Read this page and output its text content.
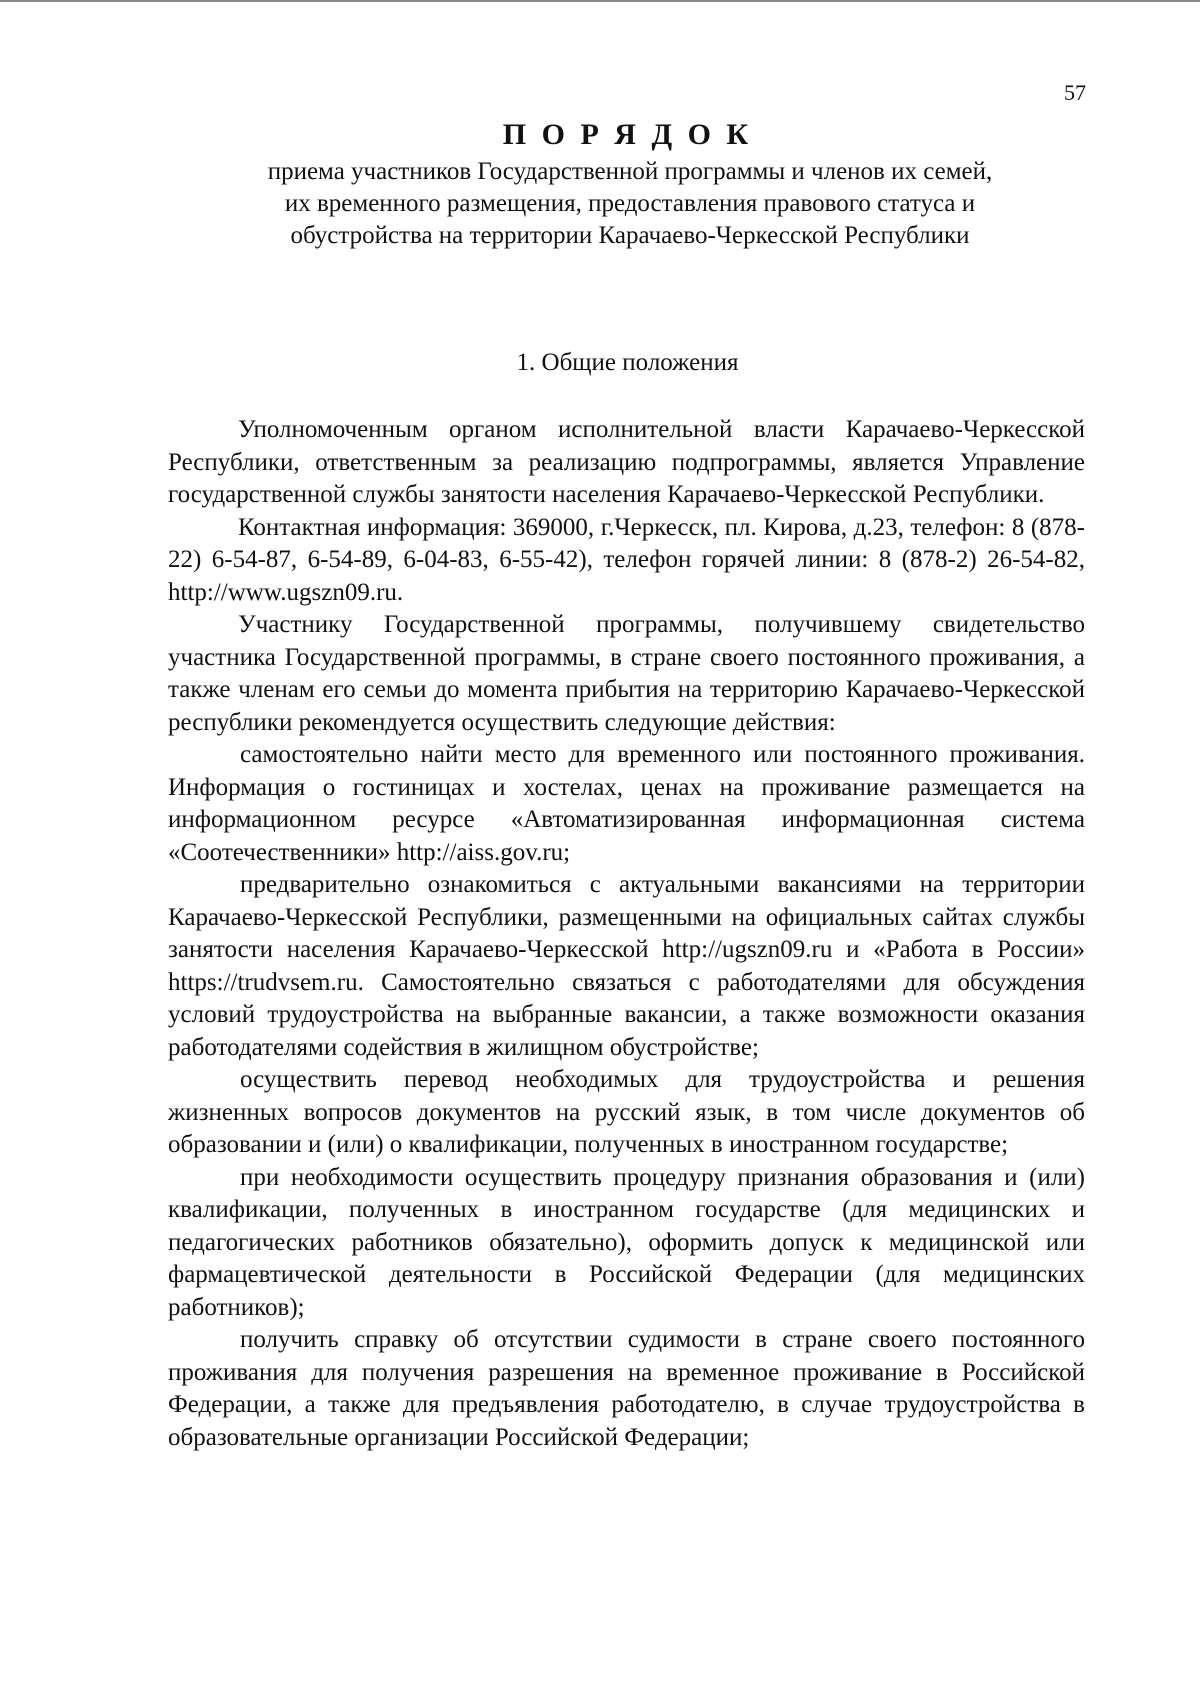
57
П О Р Я Д О К
приема участников Государственной программы и членов их семей, их временного размещения, предоставления правового статуса и обустройства на территории Карачаево-Черкесской Республики
1. Общие положения

Уполномоченным органом исполнительной власти Карачаево-Черкесской Республики, ответственным за реализацию подпрограммы, является Управление государственной службы занятости населения Карачаево-Черкесской Республики.

Контактная информация: 369000, г.Черкесск, пл. Кирова, д.23, телефон: 8 (878-22) 6-54-87, 6-54-89, 6-04-83, 6-55-42), телефон горячей линии: 8 (878-2) 26-54-82, http://www.ugszn09.ru.

Участнику Государственной программы, получившему свидетельство участника Государственной программы, в стране своего постоянного проживания, а также членам его семьи до момента прибытия на территорию Карачаево-Черкесской республики рекомендуется осуществить следующие действия:

самостоятельно найти место для временного или постоянного проживания. Информация о гостиницах и хостелах, ценах на проживание размещается на информационном ресурсе «Автоматизированная информационная система «Соотечественники» http://aiss.gov.ru;

предварительно ознакомиться с актуальными вакансиями на территории Карачаево-Черкесской Республики, размещенными на официальных сайтах службы занятости населения Карачаево-Черкесской http://ugszn09.ru и «Работа в России» https://trudvsem.ru. Самостоятельно связаться с работодателями для обсуждения условий трудоустройства на выбранные вакансии, а также возможности оказания работодателями содействия в жилищном обустройстве;

осуществить перевод необходимых для трудоустройства и решения жизненных вопросов документов на русский язык, в том числе документов об образовании и (или) о квалификации, полученных в иностранном государстве;

при необходимости осуществить процедуру признания образования и (или) квалификации, полученных в иностранном государстве (для медицинских и педагогических работников обязательно), оформить допуск к медицинской или фармацевтической деятельности в Российской Федерации (для медицинских работников);

получить справку об отсутствии судимости в стране своего постоянного проживания для получения разрешения на временное проживание в Российской Федерации, а также для предъявления работодателю, в случае трудоустройства в образовательные организации Российской Федерации;
